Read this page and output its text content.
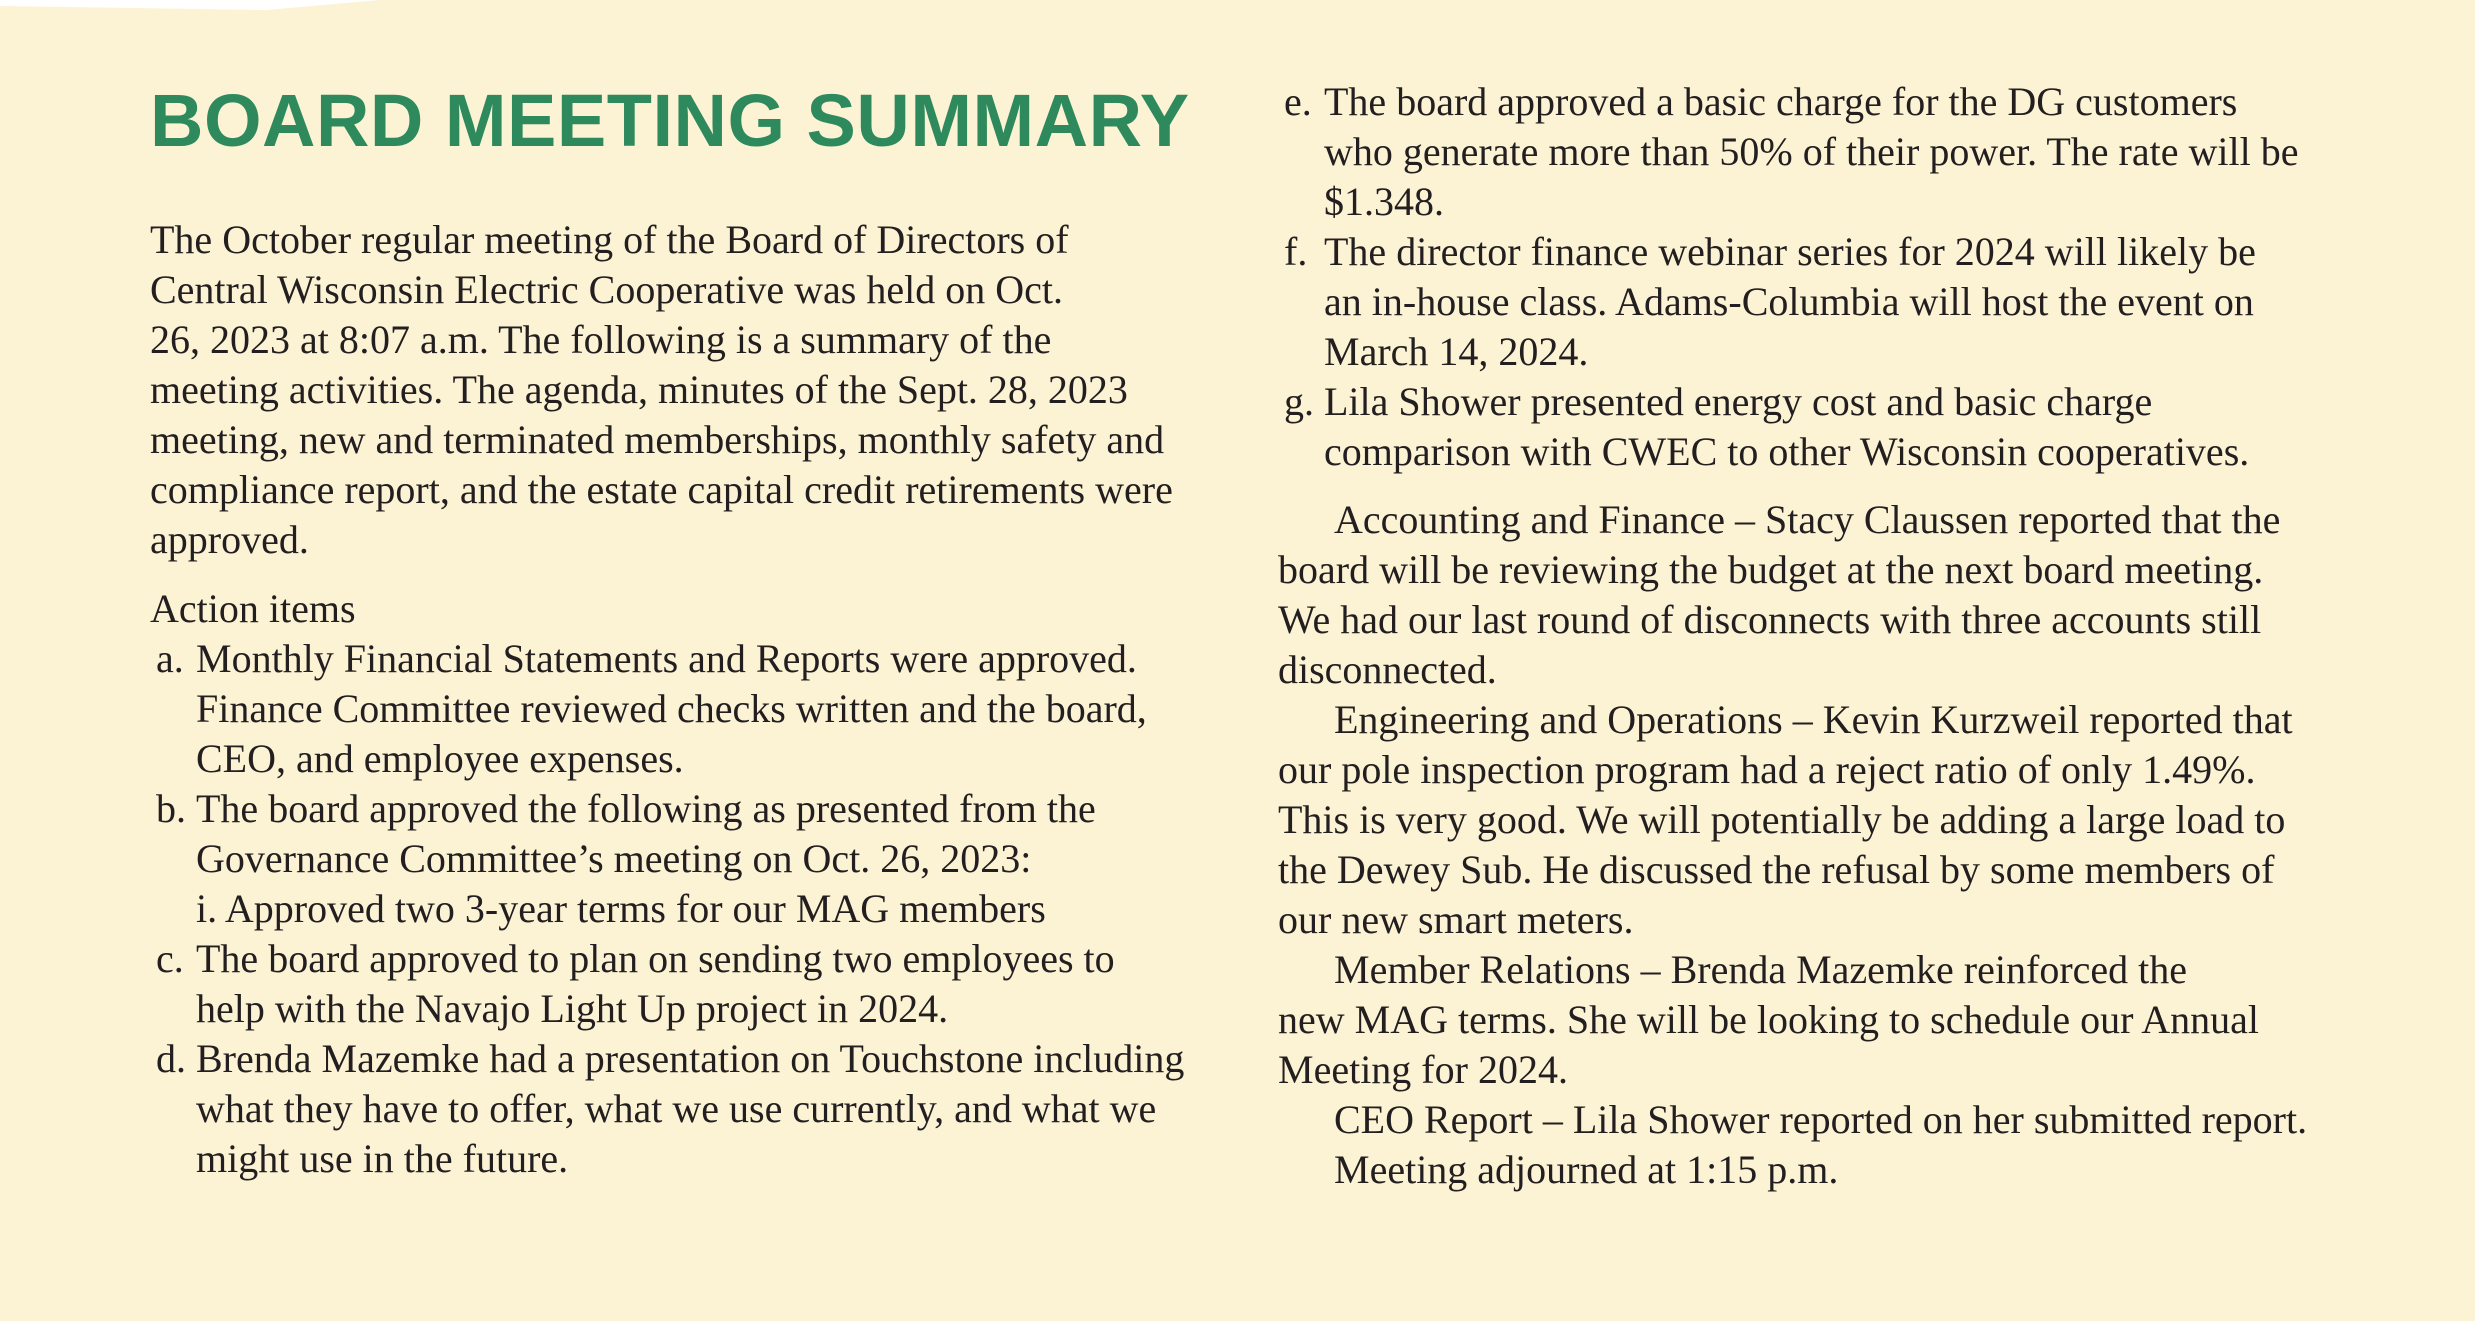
BOARD MEETING SUMMARY
The October regular meeting of the Board of Directors of
Central Wisconsin Electric Cooperative was held on Oct.
26, 2023 at 8:07 a.m. The following is a summary of the
meeting activities. The agenda, minutes of the Sept. 28, 2023
meeting, new and terminated memberships, monthly safety and
compliance report, and the estate capital credit retirements were
approved.
Action items
a. Monthly Financial Statements and Reports were approved.
Finance Committee reviewed checks written and the board,
CEO, and employee expenses.
b. The board approved the following as presented from the
Governance Committee’s meeting on Oct. 26, 2023:
i. Approved two 3-year terms for our MAG members
c. The board approved to plan on sending two employees to
help with the Navajo Light Up project in 2024.
d. Brenda Mazemke had a presentation on Touchstone including
what they have to offer, what we use currently, and what we
might use in the future.
e. The board approved a basic charge for the DG customers
who generate more than 50% of their power. The rate will be
$1.348.
f. The director finance webinar series for 2024 will likely be
an in-house class. Adams-Columbia will host the event on
March 14, 2024.
g. Lila Shower presented energy cost and basic charge
comparison with CWEC to other Wisconsin cooperatives.
Accounting and Finance – Stacy Claussen reported that the
board will be reviewing the budget at the next board meeting.
We had our last round of disconnects with three accounts still
disconnected.
Engineering and Operations – Kevin Kurzweil reported that
our pole inspection program had a reject ratio of only 1.49%.
This is very good. We will potentially be adding a large load to
the Dewey Sub. He discussed the refusal by some members of
our new smart meters.
Member Relations – Brenda Mazemke reinforced the
new MAG terms. She will be looking to schedule our Annual
Meeting for 2024.
CEO Report – Lila Shower reported on her submitted report.
Meeting adjourned at 1:15 p.m.
